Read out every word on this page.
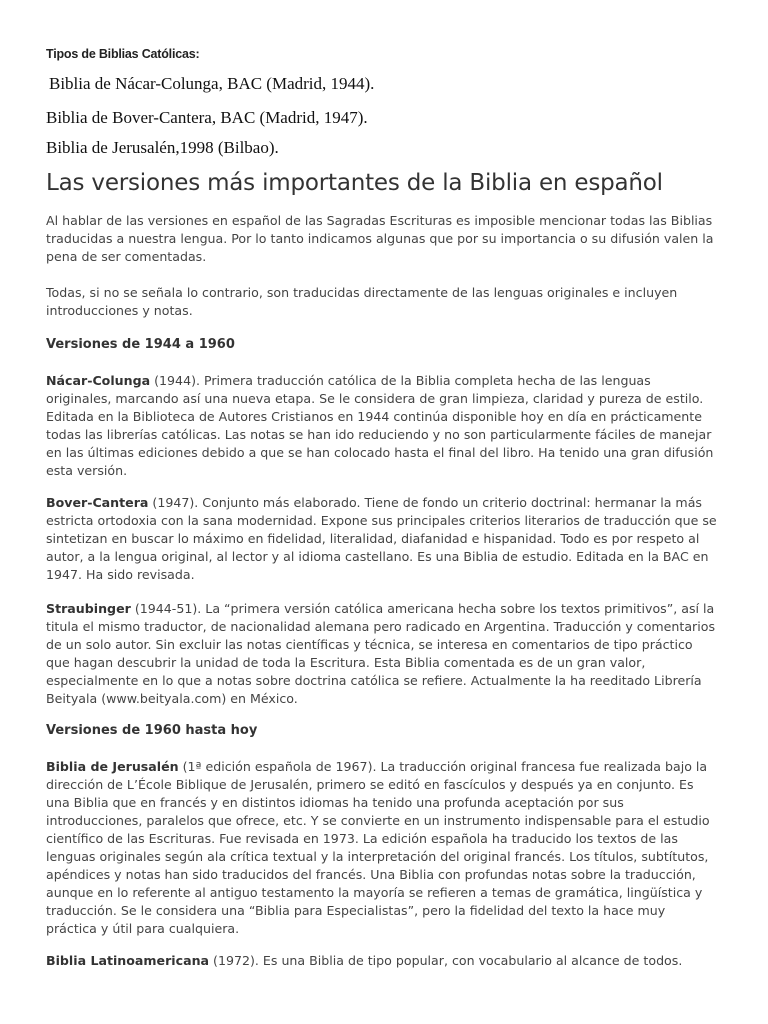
Tipos de Biblias Católicas:
Biblia de Nácar-Colunga, BAC (Madrid, 1944).
Biblia de Bover-Cantera, BAC (Madrid, 1947).
Biblia de Jerusalén,1998 (Bilbao).
Las versiones más importantes de la Biblia en español

Al hablar de las versiones en español de las Sagradas Escrituras es imposible mencionar todas las Biblias traducidas a nuestra lengua. Por lo tanto indicamos algunas que por su importancia o su difusión valen la pena de ser comentadas.

Todas, si no se señala lo contrario, son traducidas directamente de las lenguas originales e incluyen introducciones y notas.

Versiones de 1944 a 1960

Nácar-Colunga (1944). Primera traducción católica de la Biblia completa hecha de las lenguas originales, marcando así una nueva etapa. Se le considera de gran limpieza, claridad y pureza de estilo. Editada en la Biblioteca de Autores Cristianos en 1944 continúa disponible hoy en día en prácticamente todas las librerías católicas. Las notas se han ido reduciendo y no son particularmente fáciles de manejar en las últimas ediciones debido a que se han colocado hasta el final del libro. Ha tenido una gran difusión esta versión.

Bover-Cantera (1947). Conjunto más elaborado. Tiene de fondo un criterio doctrinal: hermanar la más estricta ortodoxia con la sana modernidad. Expone sus principales criterios literarios de traducción que se sintetizan en buscar lo máximo en fidelidad, literalidad, diafanidad e hispanidad. Todo es por respeto al autor, a la lengua original, al lector y al idioma castellano. Es una Biblia de estudio. Editada en la BAC en 1947. Ha sido revisada.

Straubinger (1944-51). La “primera versión católica americana hecha sobre los textos primitivos”, así la titula el mismo traductor, de nacionalidad alemana pero radicado en Argentina. Traducción y comentarios de un solo autor. Sin excluir las notas científicas y técnica, se interesa en comentarios de tipo práctico que hagan descubrir la unidad de toda la Escritura. Esta Biblia comentada es de un gran valor, especialmente en lo que a notas sobre doctrina católica se refiere. Actualmente la ha reeditado Librería Beityala (www.beityala.com) en México.

Versiones de 1960 hasta hoy

Biblia de Jerusalén (1ª edición española de 1967). La traducción original francesa fue realizada bajo la dirección de L’École Biblique de Jerusalén, primero se editó en fascículos y después ya en conjunto. Es una Biblia que en francés y en distintos idiomas ha tenido una profunda aceptación por sus introducciones, paralelos que ofrece, etc. Y se convierte en un instrumento indispensable para el estudio científico de las Escrituras. Fue revisada en 1973. La edición española ha traducido los textos de las lenguas originales según ala crítica textual y la interpretación del original francés. Los títulos, subtítutos, apéndices y notas han sido traducidos del francés. Una Biblia con profundas notas sobre la traducción, aunque en lo referente al antiguo testamento la mayoría se refieren a temas de gramática, lingüística y traducción. Se le considera una “Biblia para Especialistas”, pero la fidelidad del texto la hace muy práctica y útil para cualquiera.

Biblia Latinoamericana (1972). Es una Biblia de tipo popular, con vocabulario al alcance de todos.
